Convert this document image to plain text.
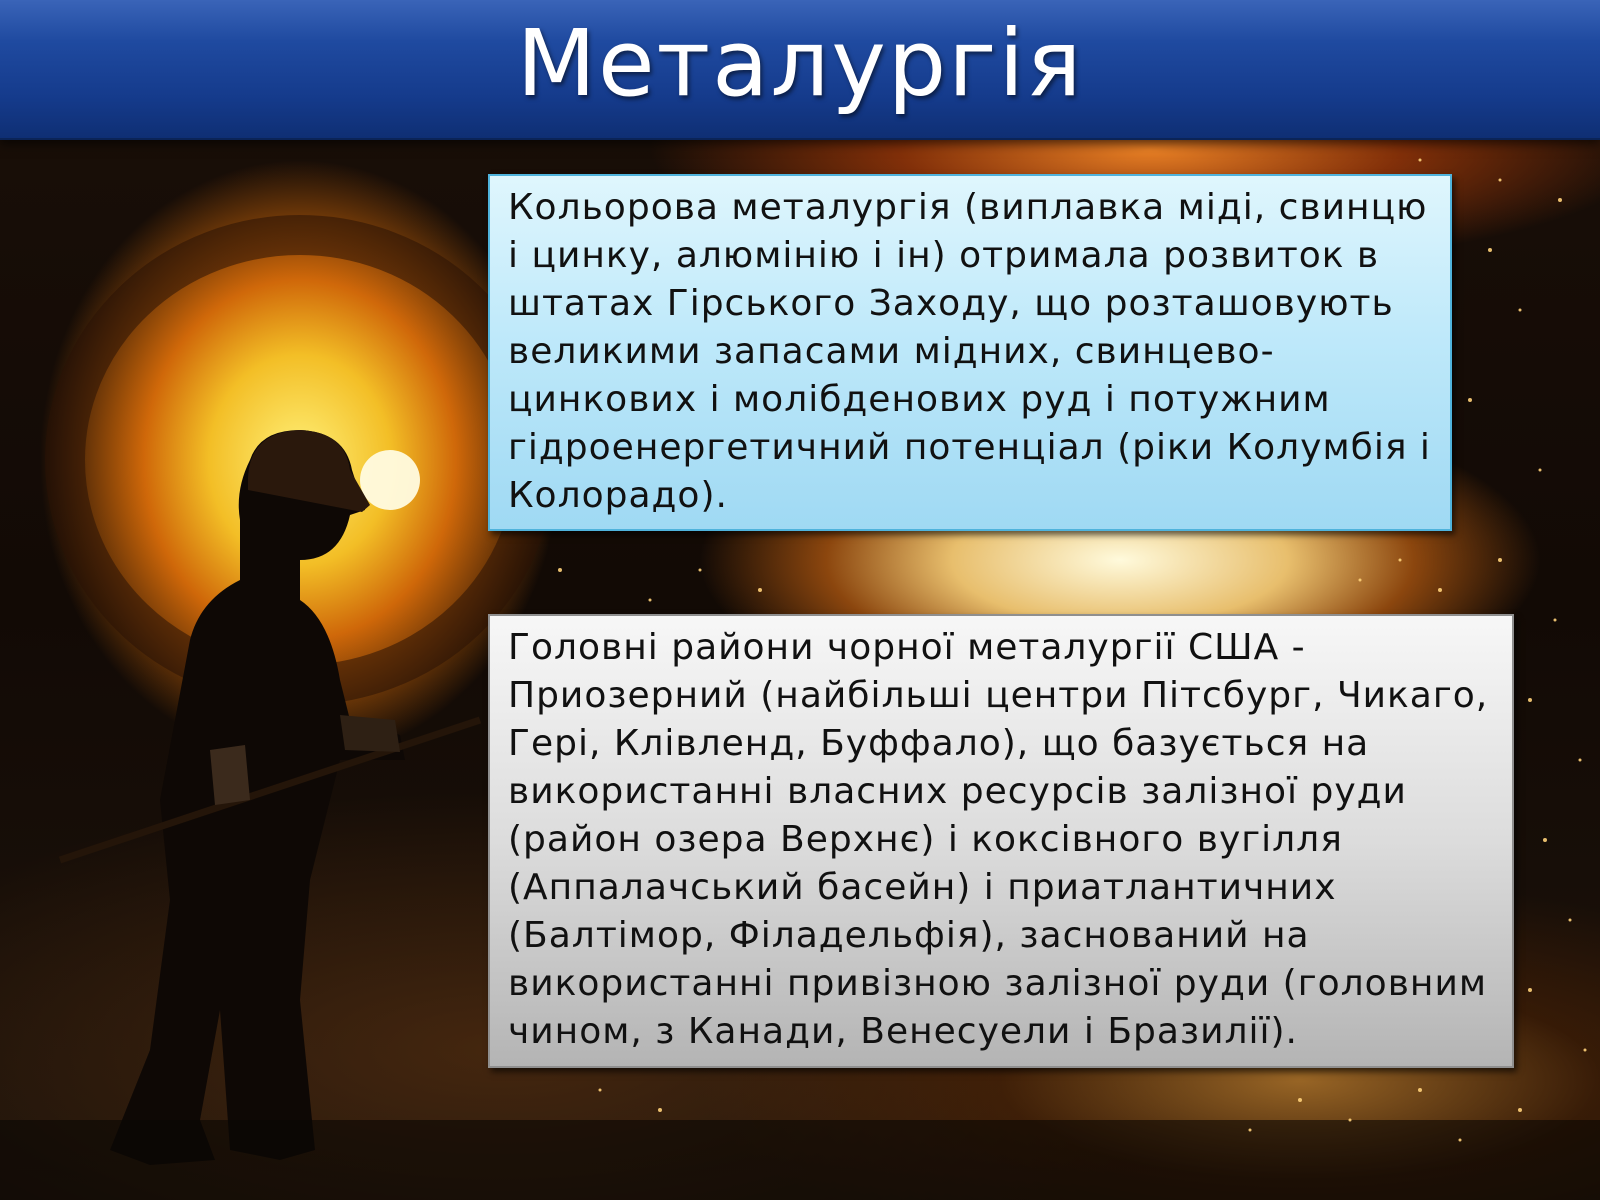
Металургія

Кольорова металургія (виплавка міді, свинцю і цинку, алюмінію і ін) отримала розвиток в штатах Гірського Заходу, що розташовують великими запасами мідних, свинцево-цинкових і молібденових руд і потужним гідроенергетичний потенціал (ріки Колумбія і Колорадо).

Головні райони чорної металургії США - Приозерний (найбільші центри Пітсбург, Чикаго, Гері, Клівленд, Буффало), що базується на використанні власних ресурсів залізної руди (район озера Верхнє) і коксівного вугілля (Аппалачський басейн) і приатлантичних (Балтімор, Філадельфія), заснований на використанні привізною залізної руди (головним чином, з Канади, Венесуели і Бразилії).
